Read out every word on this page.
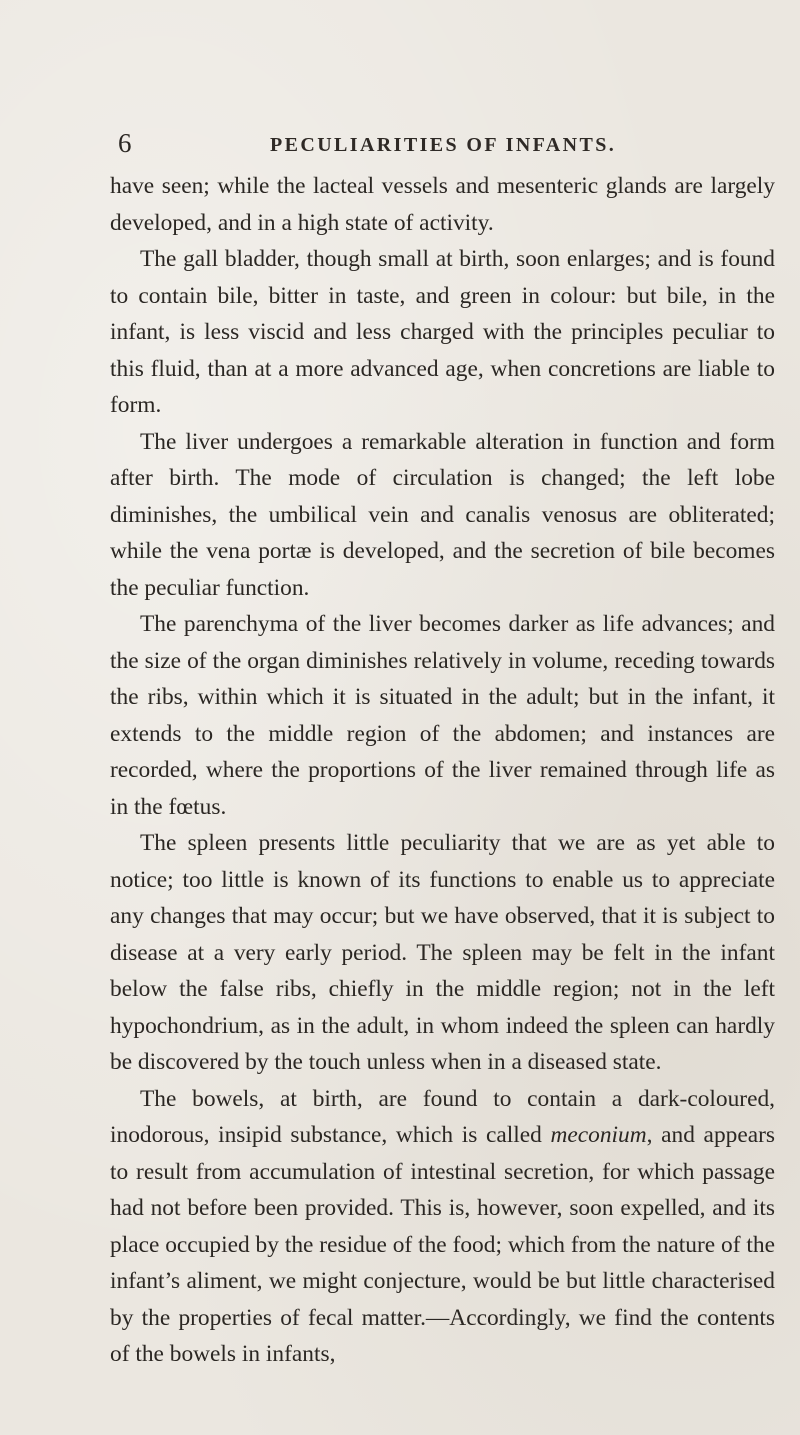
6	PECULIARITIES OF INFANTS.

have seen; while the lacteal vessels and mesenteric glands are largely developed, and in a high state of activity.

The gall bladder, though small at birth, soon enlarges; and is found to contain bile, bitter in taste, and green in colour: but bile, in the infant, is less viscid and less charged with the principles peculiar to this fluid, than at a more advanced age, when concretions are liable to form.

The liver undergoes a remarkable alteration in function and form after birth. The mode of circulation is changed; the left lobe diminishes, the umbilical vein and canalis venosus are obliterated; while the vena portæ is developed, and the secretion of bile becomes the peculiar function.

The parenchyma of the liver becomes darker as life advances; and the size of the organ diminishes relatively in volume, receding towards the ribs, within which it is situated in the adult; but in the infant, it extends to the middle region of the abdomen; and instances are recorded, where the proportions of the liver remained through life as in the fœtus.

The spleen presents little peculiarity that we are as yet able to notice; too little is known of its functions to enable us to appreciate any changes that may occur; but we have observed, that it is subject to disease at a very early period. The spleen may be felt in the infant below the false ribs, chiefly in the middle region; not in the left hypochondrium, as in the adult, in whom indeed the spleen can hardly be discovered by the touch unless when in a diseased state.

The bowels, at birth, are found to contain a dark-coloured, inodorous, insipid substance, which is called meconium, and appears to result from accumulation of intestinal secretion, for which passage had not before been provided. This is, however, soon expelled, and its place occupied by the residue of the food; which from the nature of the infant’s aliment, we might conjecture, would be but little characterised by the properties of fecal matter.—Accordingly, we find the contents of the bowels in infants,
